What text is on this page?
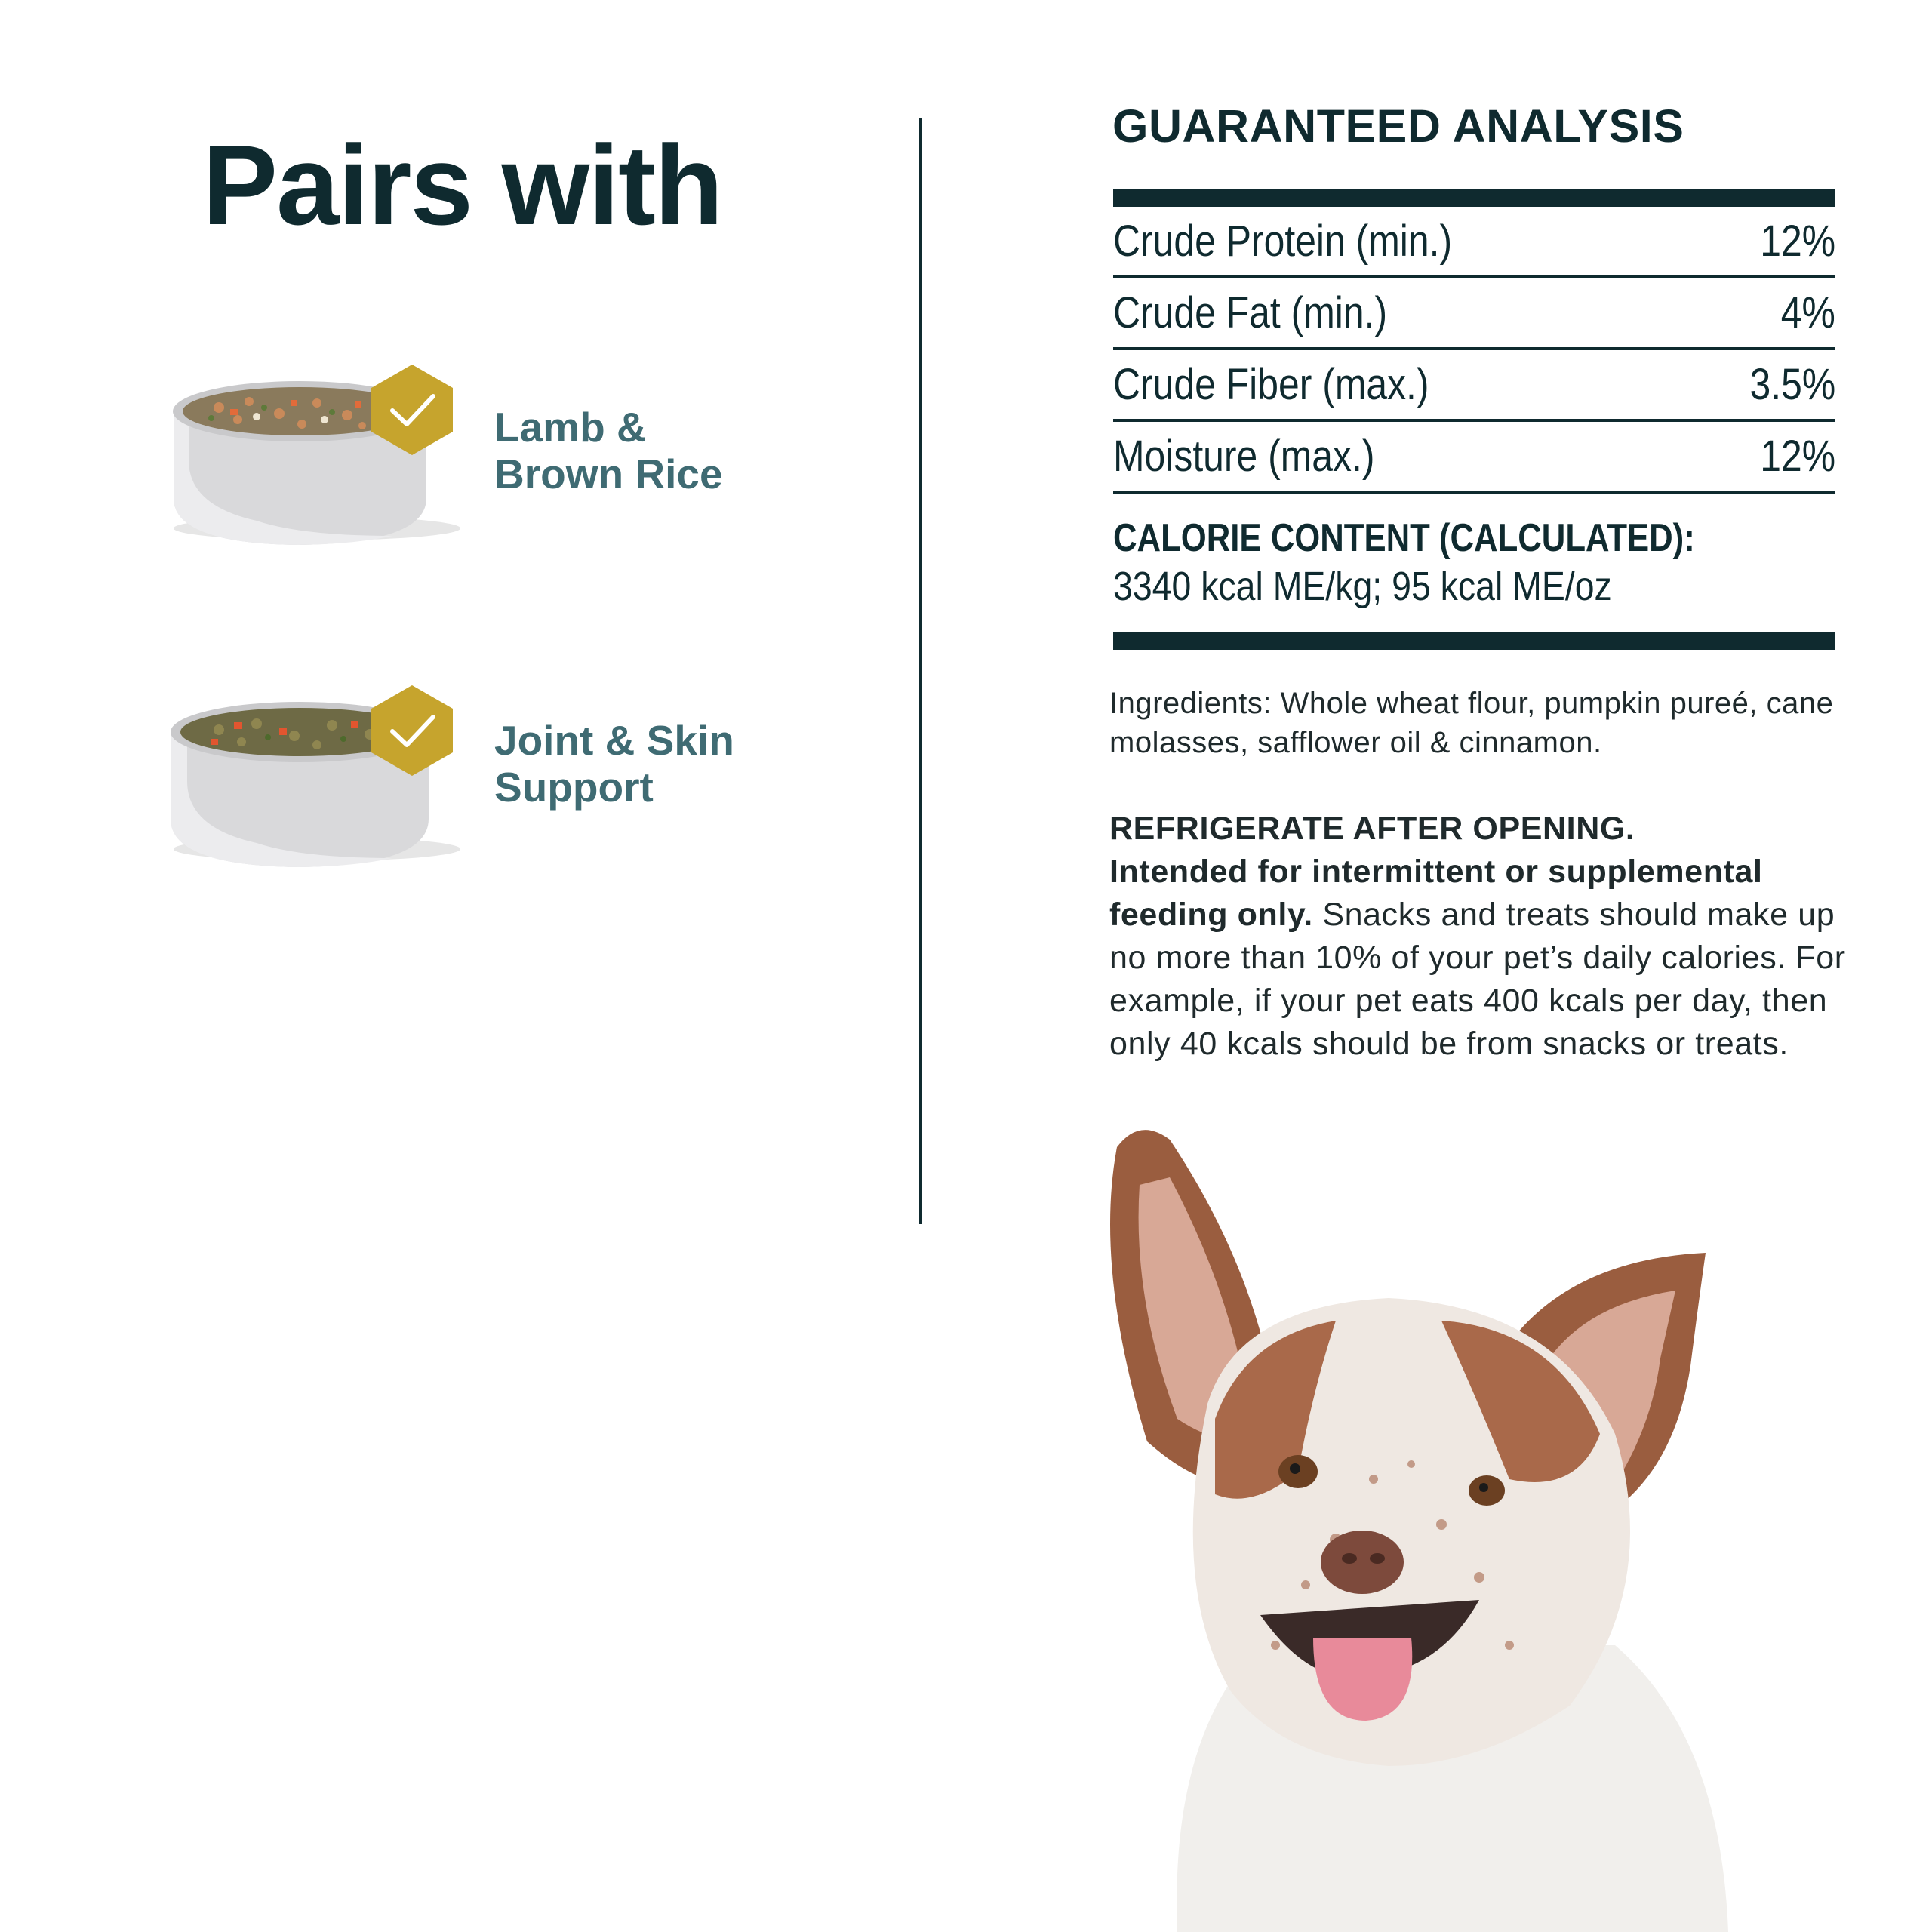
Pairs with
Lamb &
Brown Rice
Joint & Skin
Support
GUARANTEED ANALYSIS
Crude Protein (min.)	12%
Crude Fat (min.)	4%
Crude Fiber (max.)	3.5%
Moisture (max.)	12%
CALORIE CONTENT (CALCULATED):
3340 kcal ME/kg; 95 kcal ME/oz

Ingredients: Whole wheat flour, pumpkin pureé, cane molasses, safflower oil & cinnamon.

REFRIGERATE AFTER OPENING.
Intended for intermittent or supplemental feeding only. Snacks and treats should make up no more than 10% of your pet’s daily calories. For example, if your pet eats 400 kcals per day, then only 40 kcals should be from snacks or treats.
